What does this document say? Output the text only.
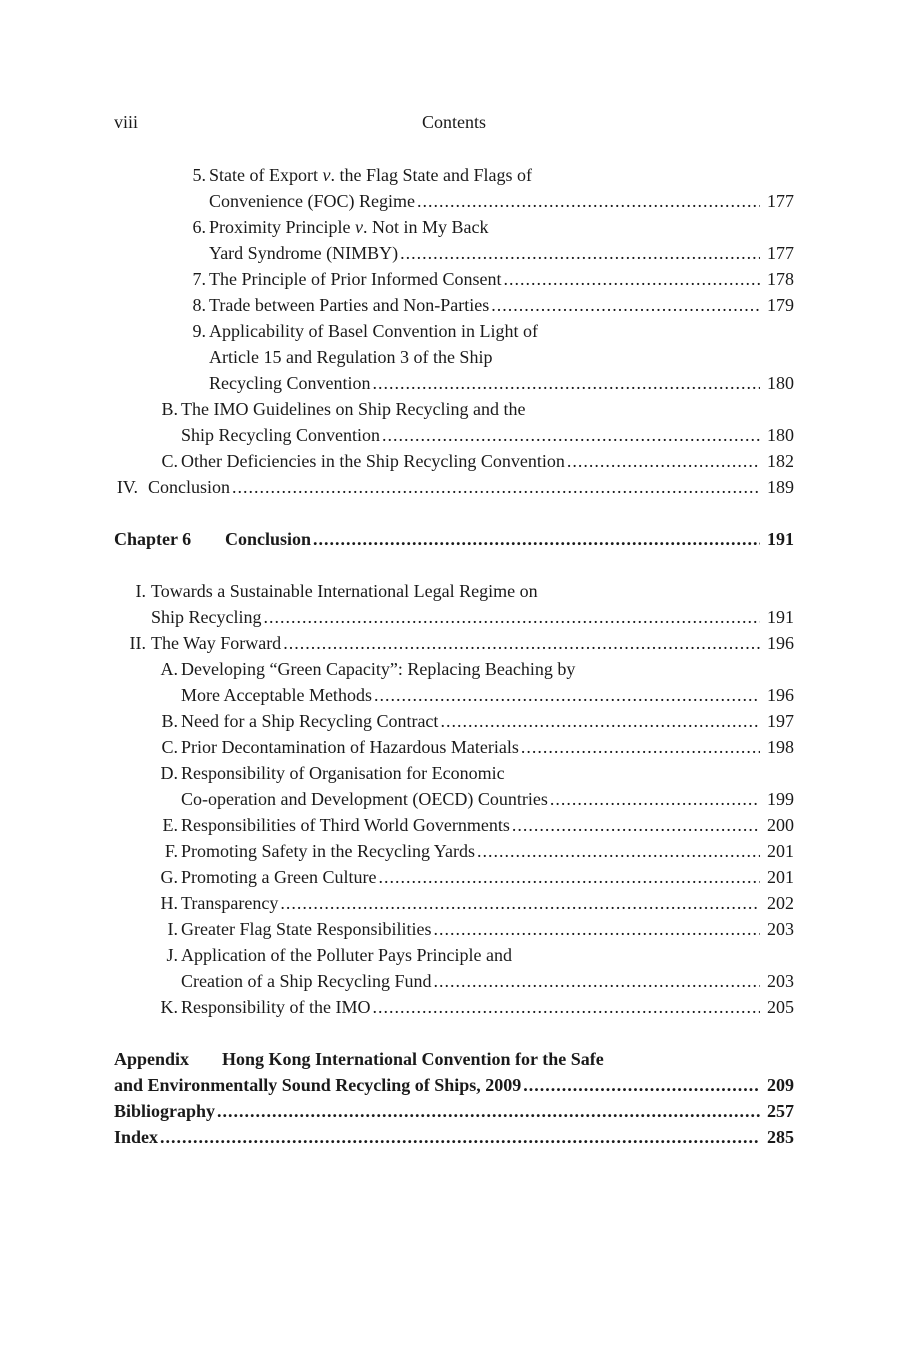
viii	Contents
5. State of Export v. the Flag State and Flags of
Convenience (FOC) Regime .....	177
6. Proximity Principle v. Not in My Back
Yard Syndrome (NIMBY) .....	177
7. The Principle of Prior Informed Consent .....	178
8. Trade between Parties and Non-Parties .....	179
9. Applicability of Basel Convention in Light of
Article 15 and Regulation 3 of the Ship
Recycling Convention .....	180
B. The IMO Guidelines on Ship Recycling and the
Ship Recycling Convention .....	180
C. Other Deficiencies in the Ship Recycling Convention .....	182
IV. Conclusion .....	189
Chapter 6 Conclusion .....	191
I. Towards a Sustainable International Legal Regime on
Ship Recycling .....	191
II. The Way Forward .....	196
A. Developing “Green Capacity”: Replacing Beaching by
More Acceptable Methods .....	196
B. Need for a Ship Recycling Contract .....	197
C. Prior Decontamination of Hazardous Materials .....	198
D. Responsibility of Organisation for Economic
Co-operation and Development (OECD) Countries .....	199
E. Responsibilities of Third World Governments .....	200
F. Promoting Safety in the Recycling Yards .....	201
G. Promoting a Green Culture .....	201
H. Transparency .....	202
I. Greater Flag State Responsibilities .....	203
J. Application of the Polluter Pays Principle and
Creation of a Ship Recycling Fund .....	203
K. Responsibility of the IMO .....	205
Appendix	Hong Kong International Convention for the Safe
and Environmentally Sound Recycling of Ships, 2009 .....	209
Bibliography .....	257
Index .....	285
